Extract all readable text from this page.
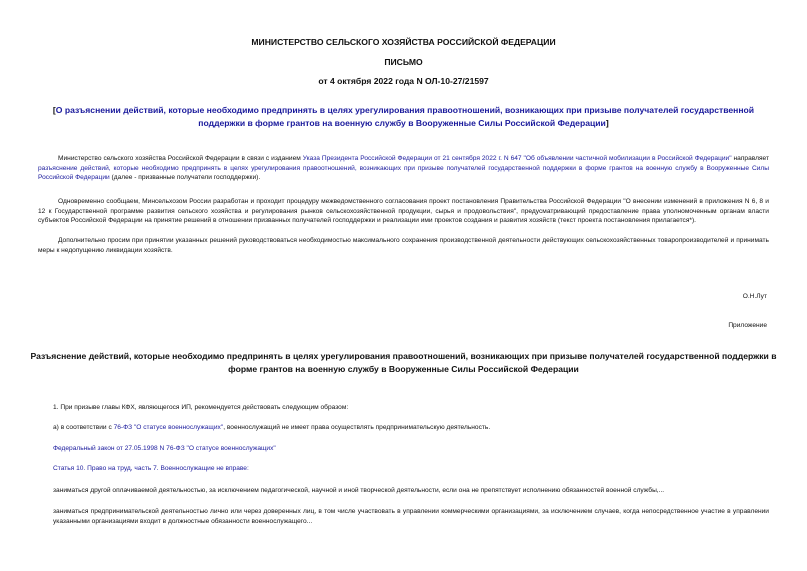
МИНИСТЕРСТВО СЕЛЬСКОГО ХОЗЯЙСТВА РОССИЙСКОЙ ФЕДЕРАЦИИ
ПИСЬМО
от 4 октября 2022 года N ОЛ-10-27/21597
[О разъяснении действий, которые необходимо предпринять в целях урегулирования правоотношений, возникающих при призыве получателей государственной поддержки в форме грантов на военную службу в Вооруженные Силы Российской Федерации]
Министерство сельского хозяйства Российской Федерации в связи с изданием Указа Президента Российской Федерации от 21 сентября 2022 г. N 647 "Об объявлении частичной мобилизации в Российской Федерации" направляет разъяснение действий, которые необходимо предпринять в целях урегулирования правоотношений, возникающих при призыве получателей государственной поддержки в форме грантов на военную службу в Вооруженные Силы Российской Федерации (далее - призванные получатели господдержки).
Одновременно сообщаем, Минсельхозом России разработан и проходит процедуру межведомственного согласования проект постановления Правительства Российской Федерации "О внесении изменений в приложения N 6, 8 и 12 к Государственной программе развития сельского хозяйства и регулирования рынков сельскохозяйственной продукции, сырья и продовольствия", предусматривающий предоставление права уполномоченным органам власти субъектов Российской Федерации на принятие решений в отношении призванных получателей господдержки и реализации ими проектов создания и развития хозяйств (текст проекта постановления прилагается*).
Дополнительно просим при принятии указанных решений руководствоваться необходимостью максимального сохранения производственной деятельности действующих сельскохозяйственных товаропроизводителей и принимать меры к недопущению ликвидации хозяйств.
О.Н.Лут
Приложение
Разъяснение действий, которые необходимо предпринять в целях урегулирования правоотношений, возникающих при призыве получателей государственной поддержки в форме грантов на военную службу в Вооруженные Силы Российской Федерации
1. При призыве главы КФХ, являющегося ИП, рекомендуется действовать следующим образом:
а) в соответствии с 76-ФЗ "О статусе военнослужащих", военнослужащий не имеет права осуществлять предпринимательскую деятельность.
Федеральный закон от 27.05.1998 N 76-ФЗ "О статусе военнослужащих"
Статья 10. Право на труд, часть 7. Военнослужащие не вправе:
заниматься другой оплачиваемой деятельностью, за исключением педагогической, научной и иной творческой деятельности, если она не препятствует исполнению обязанностей военной службы,...
заниматься предпринимательской деятельностью лично или через доверенных лиц, в том числе участвовать в управлении коммерческими организациями, за исключением случаев, когда непосредственное участие в управлении указанными организациями входит в должностные обязанности военнослужащего...
